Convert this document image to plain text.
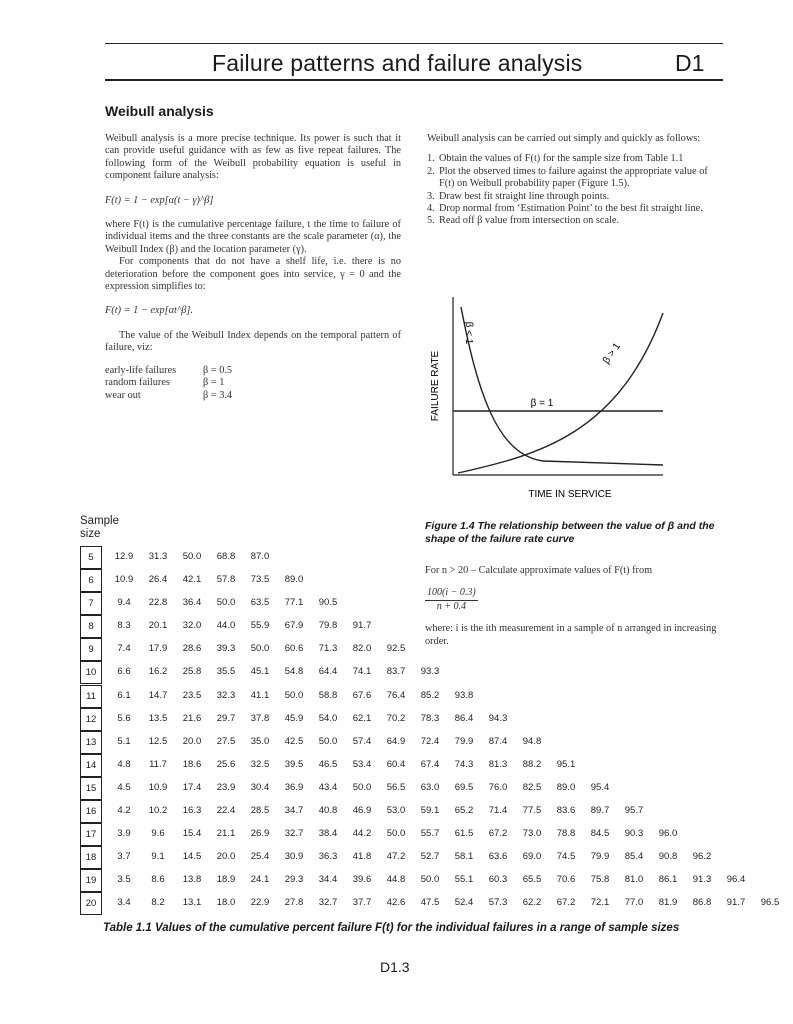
Failure patterns and failure analysis	D1
Weibull analysis

Weibull analysis is a more precise technique. Its power is such that it can provide useful guidance with as few as five repeat failures. The following form of the Weibull probability equation is useful in component failure analysis:

F(t) = 1 − exp[α(t − γ)^β]

where F(t) is the cumulative percentage failure, t the time to failure of individual items and the three constants are the scale parameter (α), the Weibull Index (β) and the location parameter (γ).

For components that do not have a shelf life, i.e. there is no deterioration before the component goes into service, γ = 0 and the expression simplifies to:

F(t) = 1 − exp[αt^β].

The value of the Weibull Index depends on the temporal pattern of failure, viz:

early-life failures	β = 0.5
random failures	β = 1
wear out	β = 3.4

Weibull analysis can be carried out simply and quickly as follows:

1. Obtain the values of F(t) for the sample size from Table 1.1
2. Plot the observed times to failure against the appropriate value of F(t) on Weibull probability paper (Figure 1.5).
3. Draw best fit straight line through points.
4. Drop normal from ‘Estimation Point’ to the best fit straight line.
5. Read off β value from intersection on scale.
FAILURE RATE
TIME IN SERVICE
β < 1
β = 1
β > 1
Figure 1.4 The relationship between the value of β and the shape of the failure rate curve
Sample
size

For n > 20 – Calculate approximate values of F(t) from

$\frac{100(i - 0.3)}{n + 0.4}$

where: i is the ith measurement in a sample of n arranged in increasing order.

5	12.9	31.3	50.0	68.8	87.0
6	10.9	26.4	42.1	57.8	73.5	89.0
7	9.4	22.8	36.4	50.0	63.5	77.1	90.5
8	8.3	20.1	32.0	44.0	55.9	67.9	79.8	91.7
9	7.4	17.9	28.6	39.3	50.0	60.6	71.3	82.0	92.5
10	6.6	16.2	25.8	35.5	45.1	54.8	64.4	74.1	83.7	93.3
11	6.1	14.7	23.5	32.3	41.1	50.0	58.8	67.6	76.4	85.2	93.8
12	5.6	13.5	21.6	29.7	37.8	45.9	54.0	62.1	70.2	78.3	86.4	94.3
13	5.1	12.5	20.0	27.5	35.0	42.5	50.0	57.4	64.9	72.4	79.9	87.4	94.8
14	4.8	11.7	18.6	25.6	32.5	39.5	46.5	53.4	60.4	67.4	74.3	81.3	88.2	95.1
15	4.5	10.9	17.4	23.9	30.4	36.9	43.4	50.0	56.5	63.0	69.5	76.0	82.5	89.0	95.4
16	4.2	10.2	16.3	22.4	28.5	34.7	40.8	46.9	53.0	59.1	65.2	71.4	77.5	83.6	89.7	95.7
17	3.9	9.6	15.4	21.1	26.9	32.7	38.4	44.2	50.0	55.7	61.5	67.2	73.0	78.8	84.5	90.3	96.0
18	3.7	9.1	14.5	20.0	25.4	30.9	36.3	41.8	47.2	52.7	58.1	63.6	69.0	74.5	79.9	85.4	90.8	96.2
19	3.5	8.6	13.8	18.9	24.1	29.3	34.4	39.6	44.8	50.0	55.1	60.3	65.5	70.6	75.8	81.0	86.1	91.3	96.4
20	3.4	8.2	13.1	18.0	22.9	27.8	32.7	37.7	42.6	47.5	52.4	57.3	62.2	67.2	72.1	77.0	81.9	86.8	91.7	96.5
Table 1.1 Values of the cumulative percent failure F(t) for the individual failures in a range of sample sizes
D1.3
